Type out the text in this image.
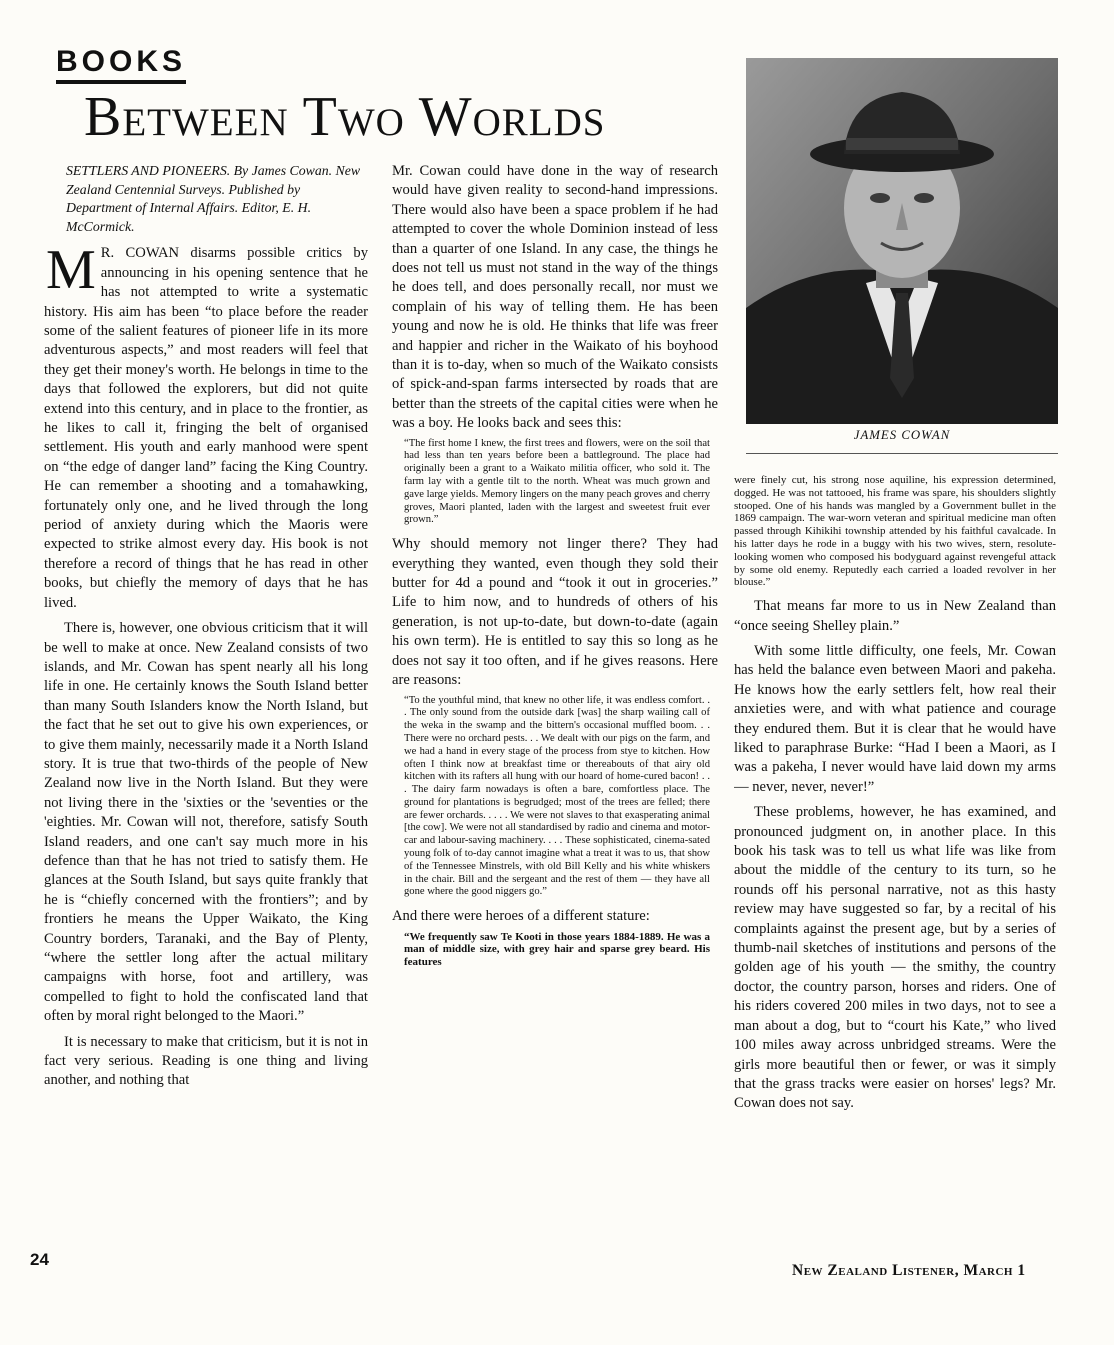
BOOKS
Between Two Worlds
SETTLERS AND PIONEERS. By James Cowan. New Zealand Centennial Surveys. Published by Department of Internal Affairs. Editor, E. H. McCormick.

M R. COWAN disarms possible critics by announcing in his opening sentence that he has not attempted to write a systematic history. His aim has been “to place before the reader some of the salient features of pioneer life in its more adventurous aspects,” and most readers will feel that they get their money's worth. He belongs in time to the days that followed the explorers, but did not quite extend into this century, and in place to the frontier, as he likes to call it, fringing the belt of organised settlement. His youth and early manhood were spent on “the edge of danger land” facing the King Country. He can remember a shooting and a tomahawking, fortunately only one, and he lived through the long period of anxiety during which the Maoris were expected to strike almost every day. His book is not therefore a record of things that he has read in other books, but chiefly the memory of days that he has lived.

There is, however, one obvious criticism that it will be well to make at once. New Zealand consists of two islands, and Mr. Cowan has spent nearly all his long life in one. He certainly knows the South Island better than many South Islanders know the North Island, but the fact that he set out to give his own experiences, or to give them mainly, necessarily made it a North Island story. It is true that two-thirds of the people of New Zealand now live in the North Island. But they were not living there in the 'sixties or the 'seventies or the 'eighties. Mr. Cowan will not, therefore, satisfy South Island readers, and one can't say much more in his defence than that he has not tried to satisfy them. He glances at the South Island, but says quite frankly that he is “chiefly concerned with the frontiers”; and by frontiers he means the Upper Waikato, the King Country borders, Taranaki, and the Bay of Plenty, “where the settler long after the actual military campaigns with horse, foot and artillery, was compelled to fight to hold the confiscated land that often by moral right belonged to the Maori.”

It is necessary to make that criticism, but it is not in fact very serious. Reading is one thing and living another, and nothing that

Mr. Cowan could have done in the way of research would have given reality to second-hand impressions. There would also have been a space problem if he had attempted to cover the whole Dominion instead of less than a quarter of one Island. In any case, the things he does not tell us must not stand in the way of the things he does tell, and does personally recall, nor must we complain of his way of telling them. He has been young and now he is old. He thinks that life was freer and happier and richer in the Waikato of his boyhood than it is to-day, when so much of the Waikato consists of spick-and-span farms intersected by roads that are better than the streets of the capital cities were when he was a boy. He looks back and sees this:

“The first home I knew, the first trees and flowers, were on the soil that had less than ten years before been a battleground. The place had originally been a grant to a Waikato militia officer, who sold it. The farm lay with a gentle tilt to the north. Wheat was much grown and gave large yields. Memory lingers on the many peach groves and cherry groves, Maori planted, laden with the largest and sweetest fruit ever grown.”

Why should memory not linger there? They had everything they wanted, even though they sold their butter for 4d a pound and “took it out in groceries.” Life to him now, and to hundreds of others of his generation, is not up-to-date, but down-to-date (again his own term). He is entitled to say this so long as he does not say it too often, and if he gives reasons. Here are reasons:

“To the youthful mind, that knew no other life, it was endless comfort. . . The only sound from the outside dark [was] the sharp wailing call of the weka in the swamp and the bittern's occasional muffled boom. . . There were no orchard pests. . . We dealt with our pigs on the farm, and we had a hand in every stage of the process from stye to kitchen. How often I think now at breakfast time or thereabouts of that airy old kitchen with its rafters all hung with our hoard of home-cured bacon! . . . The dairy farm nowadays is often a bare, comfortless place. The ground for plantations is begrudged; most of the trees are felled; there are fewer orchards. . . . . We were not slaves to that exasperating animal [the cow]. We were not all standardised by radio and cinema and motor-car and labour-saving machinery. . . . These sophisticated, cinema-sated young folk of to-day cannot imagine what a treat it was to us, that show of the Tennessee Minstrels, with old Bill Kelly and his white whiskers in the chair. Bill and the sergeant and the rest of them — they have all gone where the good niggers go.”

And there were heroes of a different stature:

“We frequently saw Te Kooti in those years 1884-1889. He was a man of middle size, with grey hair and sparse grey beard. His features
JAMES COWAN
were finely cut, his strong nose aquiline, his expression determined, dogged. He was not tattooed, his frame was spare, his shoulders slightly stooped. One of his hands was mangled by a Government bullet in the 1869 campaign. The war-worn veteran and spiritual medicine man often passed through Kihikihi township attended by his faithful cavalcade. In his latter days he rode in a buggy with his two wives, stern, resolute-looking women who composed his bodyguard against revengeful attack by some old enemy. Reputedly each carried a loaded revolver in her blouse.”

That means far more to us in New Zealand than “once seeing Shelley plain.”

With some little difficulty, one feels, Mr. Cowan has held the balance even between Maori and pakeha. He knows how the early settlers felt, how real their anxieties were, and with what patience and courage they endured them. But it is clear that he would have liked to paraphrase Burke: “Had I been a Maori, as I was a pakeha, I never would have laid down my arms — never, never, never!”

These problems, however, he has examined, and pronounced judgment on, in another place. In this book his task was to tell us what life was like from about the middle of the century to its turn, so he rounds off his personal narrative, not as this hasty review may have suggested so far, by a recital of his complaints against the present age, but by a series of thumb-nail sketches of institutions and persons of the golden age of his youth — the smithy, the country doctor, the country parson, horses and riders. One of his riders covered 200 miles in two days, not to see a man about a dog, but to “court his Kate,” who lived 100 miles away across unbridged streams. Were the girls more beautiful then or fewer, or was it simply that the grass tracks were easier on horses' legs? Mr. Cowan does not say.

24
New Zealand Listener, March 1
